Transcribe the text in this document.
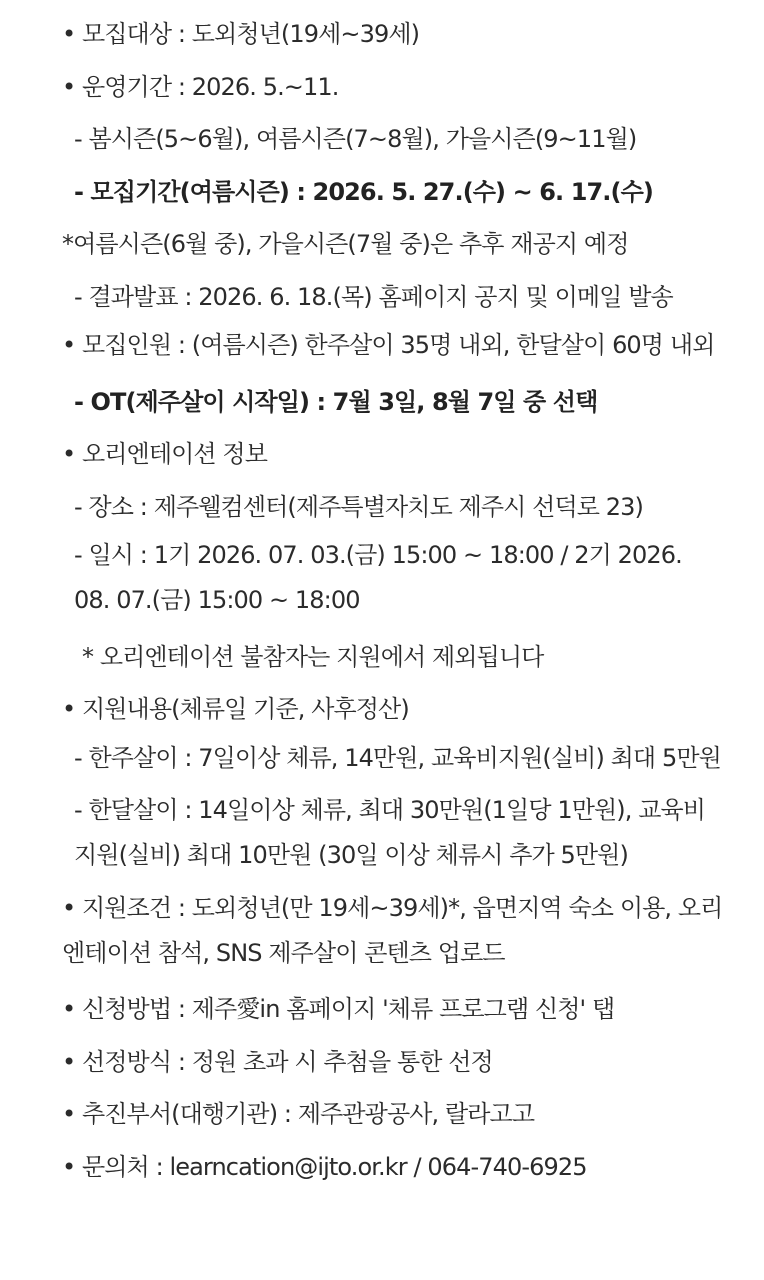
• 모집대상 : 도외청년(19세~39세)
• 운영기간 : 2026. 5.~11.
- 봄시즌(5~6월), 여름시즌(7~8월), 가을시즌(9~11월)
- 모집기간(여름시즌) : 2026. 5. 27.(수) ~ 6. 17.(수)
*여름시즌(6월 중), 가을시즌(7월 중)은 추후 재공지 예정
- 결과발표 : 2026. 6. 18.(목) 홈페이지 공지 및 이메일 발송
• 모집인원 : (여름시즌) 한주살이 35명 내외, 한달살이 60명 내외
- OT(제주살이 시작일) : 7월 3일, 8월 7일 중 선택
• 오리엔테이션 정보
- 장소 : 제주웰컴센터(제주특별자치도 제주시 선덕로 23)
- 일시 : 1기 2026. 07. 03.(금) 15:00 ~ 18:00 / 2기 2026. 08. 07.(금) 15:00 ~ 18:00
* 오리엔테이션 불참자는 지원에서 제외됩니다
• 지원내용(체류일 기준, 사후정산)
- 한주살이 : 7일이상 체류, 14만원, 교육비지원(실비) 최대 5만원
- 한달살이 : 14일이상 체류, 최대 30만원(1일당 1만원), 교육비지원(실비) 최대 10만원 (30일 이상 체류시 추가 5만원)
• 지원조건 : 도외청년(만 19세~39세)*, 읍면지역 숙소 이용, 오리엔테이션 참석, SNS 제주살이 콘텐츠 업로드
• 신청방법 : 제주愛in 홈페이지 '체류 프로그램 신청' 탭
• 선정방식 : 정원 초과 시 추첨을 통한 선정
• 추진부서(대행기관) : 제주관광공사, 랄라고고
• 문의처 : learncation@ijto.or.kr / 064-740-6925
